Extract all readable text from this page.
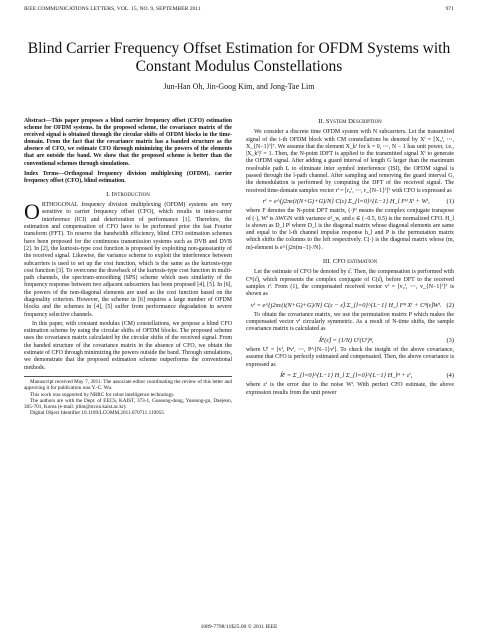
IEEE COMMUNICATIONS LETTERS, VOL. 15, NO. 9, SEPTEMBER 2011	971
Blind Carrier Frequency Offset Estimation for OFDM Systems with Constant Modulus Constellations
Jun-Han Oh, Jin-Goog Kim, and Jong-Tae Lim

Abstract—This paper proposes a blind carrier frequency offset (CFO) estimation scheme for OFDM systems. In the proposed scheme, the covariance matrix of the received signal is obtained through the circular shifts of OFDM blocks in the time-domain. From the fact that the covariance matrix has a banded structure as the absence of CFO, we estimate CFO through minimizing the powers of the elements that are outside the band. We show that the proposed scheme is better than the conventional schemes through simulations.

Index Terms—Orthogonal frequency division multiplexing (OFDM), carrier frequency offset (CFO), blind estimation.

I. Introduction

ORTHOGONAL frequency division multiplexing (OFDM) systems are very sensitive to carrier frequency offset (CFO), which results in inter-carrier interference (ICI) and deterioration of performance [1]. Therefore, the estimation and compensation of CFO have to be performed prior the fast Fourier transform (FFT). To reserve the bandwidth efficiency, blind CFO estimation schemes have been proposed for the continuous transmission systems such as DVB and DVB [2]. In [2], the kurtosis-type cost function is proposed by exploiting non-gaussianity of the received signal. Likewise, the variance scheme to exploit the interference between subcarriers is used to set up the cost function, which is the same as the kurtosis-type cost function [3]. To overcome the drawback of the kurtosis-type cost function in multi-path channels, the spectrum-smoothing (SPS) scheme which uses similarity of the frequency response between two adjacent subcarriers has been proposed [4], [5]. In [6], the powers of the non-diagonal elements are used as the cost function based on the diagonality criterion. However, the scheme in [6] requires a large number of OFDM blocks and the schemes in [4], [5] suffer from performance degradation in severe frequency selective channels.

In this paper, with constant modulus (CM) constellations, we propose a blind CFO estimation scheme by using the circular shifts of OFDM blocks. The proposed scheme uses the covariance matrix calculated by the circular shifts of the received signal. From the banded structure of the covariance matrix in the absence of CFO, we obtain the estimate of CFO through minimizing the powers outside the band. Through simulations, we demonstrate that the proposed estimation scheme outperforms the conventional methods.

Manuscript received May 7, 2011. The associate editor coordinating the review of this letter and approving it for publication was Y.-C. Wu.
This work was supported by NRRC for robot intelligence technology.
The authors are with the Dept. of EECS, KAIST, 373-1, Guseong-dong, Yuseong-gu, Daejeon, 305-701, Korea (e-mail: jtlim@stcon.kaist.ac.kr).
Digital Object Identifier 10.1109/LCOMM.2011.070711.110955
II. System Description

We consider a discrete time OFDM system with N subcarriers. Let the transmitted signal of the i-th OFDM block with CM constellations be denoted by Xⁱ = [X₀ⁱ, ⋯, X_{N−1}ⁱ]ᵀ. We assume that the element X_kⁱ for k = 0, ⋯, N − 1 has unit power, i.e., |X_kⁱ|² = 1. Then, the N-point IDFT is applied to the transmitted signal Xⁱ to generate the OFDM signal. After adding a guard interval of length G larger than the maximum resolvable path L to eliminate inter symbol interference (ISI), the OFDM signal is passed through the l-path channel. After sampling and removing the guard interval G, the demodulation is performed by computing the DFT of the received signal. The received time-domain samples vector rⁱ = [r₀ⁱ, ⋯, r_{N−1}ⁱ]ᵀ with CFO is expressed as

rⁱ = e^{j2πε(i(N+G)+G)/N} C(ε) Σ_{l=0}^{L−1} H_l Fᴴ Xⁱ + Wⁱ,	(1)

where F denotes the N-point DFT matrix, (·)ᴴ means the complex conjugate transpose of (·), Wⁱ is AWGN with variance σ²_w, and ε ∈ (−0.5, 0.5) is the normalized CFO. H_l is shown as D_l Pˡ where D_l is the diagonal matrix whose diagonal elements are same and equal to the l-th channel impulse response h_l and P is the permutation matrix which shifts the columns to the left respectively. C(·) is the diagonal matrix whose (m, m)-element is e^{j2π(m−1)·/N}.

III. CFO estimation

Let the estimate of CFO be denoted by ε̂. Then, the compensation is performed with Cᴴ(ε̂), which represents the complex conjugate of C(ε̂), before DFT to the received samples rⁱ. From (1), the compensated received vector vⁱ = [v₀ⁱ, ⋯, v_{N−1}ⁱ]ᵀ is shown as

vⁱ = e^{j2πε(i(N+G)+G)/N} C(ε − ε̂) Σ_{l=0}^{L−1} H_l Fᴴ Xⁱ + Cᴴ(ε̂)Wⁱ. (2)

To obtain the covariance matrix, we use the permutation matrix P which makes the compensated vector vⁱ circularly symmetric. As a result of N-time shifts, the sample covariance matrix is calculated as

R̂ⁱ(ε̂) = (1/N) Uⁱ(Uⁱ)ᴴ,	(3)

where Uⁱ = [vⁱ, Pvⁱ, ⋯, P^{N−1}vⁱ]. To check the insight of the above covariance, assume that CFO is perfectly estimated and compensated. Then, the above covariance is expressed as

R̂ⁱ = Σ_{l=0}^{L−1} H_l Σ_{l=0}^{L−1} H_lᴴ + εⁱ,	(4)

where εⁱ is the error due to the noise Wⁱ. With perfect CFO estimate, the above expression results from the unit power

1089-7798/11$25.00 © 2011 IEEE
